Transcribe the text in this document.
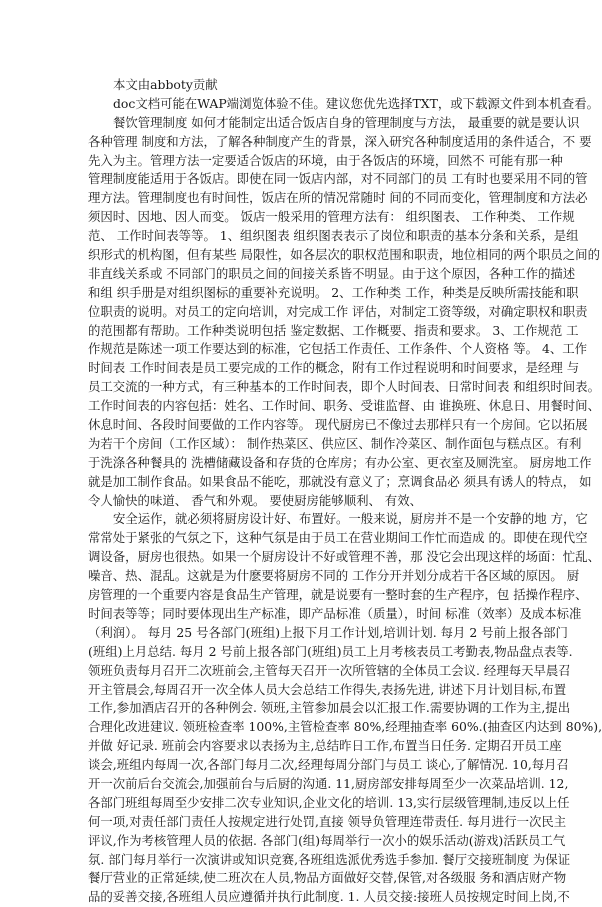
本文由abboty贡献
doc文档可能在WAP端浏览体验不佳。建议您优先选择TXT，或下载源文件到本机查看。
餐饮管理制度 如何才能制定出适合饭店自身的管理制度与方法， 最重要的就是要认识
各种管理 制度和方法，了解各种制度产生的背景，深入研究各种制度适用的条件适合，不 要
先入为主。管理方法一定要适合饭店的环境，由于各饭店的环境，回然不 可能有那一种
管理制度能适用于各饭店。即使在同一饭店内部，对不同部门的员 工有时也要采用不同的管
理方法。管理制度也有时间性，饭店在所的情况常随时 间的不同而变化，管理制度和方法必
须因时、因地、因人而变。 饭店一般采用的管理方法有： 组织图表、 工作种类、 工作规
范、 工作时间表等等。 1、组织图表 组织图表表示了岗位和职责的基本分条和关系，是组
织形式的机构图，但有某些 局限性，如各层次的职权范围和职责，地位相同的两个职员之间的
非直线关系或 不同部门的职员之间的间接关系皆不明显。由于这个原因，各种工作的描述
和组 织手册是对组织图标的重要补充说明。 2、工作种类 工作，种类是反映所需技能和职
位职责的说明。对员工的定向培训，对完成工作 评估，对制定工资等级，对确定职权和职责
的范围都有帮助。工作种类说明包括 鉴定数据、工作概要、指责和要求。 3、工作规范 工
作规范是陈述一项工作要达到的标准，它包括工作责任、工作条件、个人资格 等。 4、工作
时间表 工作时间表是员工要完成的工作的概念，附有工作过程说明和时间要求，是经理 与
员工交流的一种方式，有三种基本的工作时间表，即个人时间表、日常时间表 和组织时间表。
工作时间表的内容包括：姓名、工作时间、职务、受谁监督、由 谁换班、休息日、用餐时间、
休息时间、各段时间要做的工作内容等。 现代厨房已不像过去那样只有一个房间。它以拓展
为若干个房间（工作区域）： 制作热菜区、供应区、制作冷菜区、制作面包与糕点区。有利
于洗涤各种餐具的 洗槽储藏设备和存货的仓库房；有办公室、更衣室及厕洗室。 厨房地工作
就是加工制作食品。如果食品不能吃，那就没有意义了；烹调食品必 须具有诱人的特点， 如
令人愉快的味道、 香气和外观。 要使厨房能够顺利、 有效、
安全运作，就必须将厨房设计好、布置好。一般来说，厨房并不是一个安静的地 方，它
常常处于紧张的气氛之下，这种气氛是由于员工在营业期间工作忙而造成 的。即使在现代空
调设备，厨房也很热。如果一个厨房设计不好或管理不善，那 没它会出现这样的场面：忙乱、
噪音、热、混乱。这就是为什麽要将厨房不同的 工作分开并划分成若干各区域的原因。 厨
房管理的一个重要内容是食品生产管理，就是说要有一整时套的生产程序，包 括操作程序、
时间表等等；同时要体现出生产标准，即产品标准（质量），时间 标准（效率）及成本标准
（利润）。 每月 25 号各部门(班组)上报下月工作计划,培训计划. 每月 2 号前上报各部门
(班组)上月总结. 每月 2 号前上报各部门(班组)员工上月考核表员工考勤表,物品盘点表等.
领班负责每月召开二次班前会,主管每天召开一次所管辖的全体员工会议. 经理每天早晨召
开主管晨会,每周召开一次全体人员大会总结工作得失,表扬先进, 讲述下月计划目标,布置
工作,参加酒店召开的各种例会. 领班,主管参加晨会以汇报工作.需要协调的工作为主,提出
合理化改进建议. 领班检查率 100%,主管检查率 80%,经理抽查率 60%.(抽查区内达到 80%),
并做 好记录. 班前会内容要求以表扬为主,总结昨日工作,布置当日任务. 定期召开员工座
谈会,班组内每周一次,各部门每月二次,经理每周分部门与员工 谈心,了解情况. 10,每月召
开一次前后台交流会,加强前台与后厨的沟通. 11,厨房部安排每周至少一次菜品培训. 12,
各部门班组每周至少安排二次专业知识,企业文化的培训. 13,实行层级管理制,违反以上任
何一项,对责任部门责任人按规定进行处罚,直接 领导负管理连带责任. 每月进行一次民主
评议,作为考核管理人员的依据. 各部门(组)每周举行一次小的娱乐活动(游戏)活跃员工气
氛. 部门每月举行一次演讲或知识竞赛,各班组选派优秀选手参加. 餐厅交接班制度 为保证
餐厅营业的正常延续,使二班次在人员,物品方面做好交替,保管,对各级服 务和酒店财产物
品的妥善交接,各班组人员应遵循并执行此制度. 1. 人员交接:接班人员按规定时间上岗,不
